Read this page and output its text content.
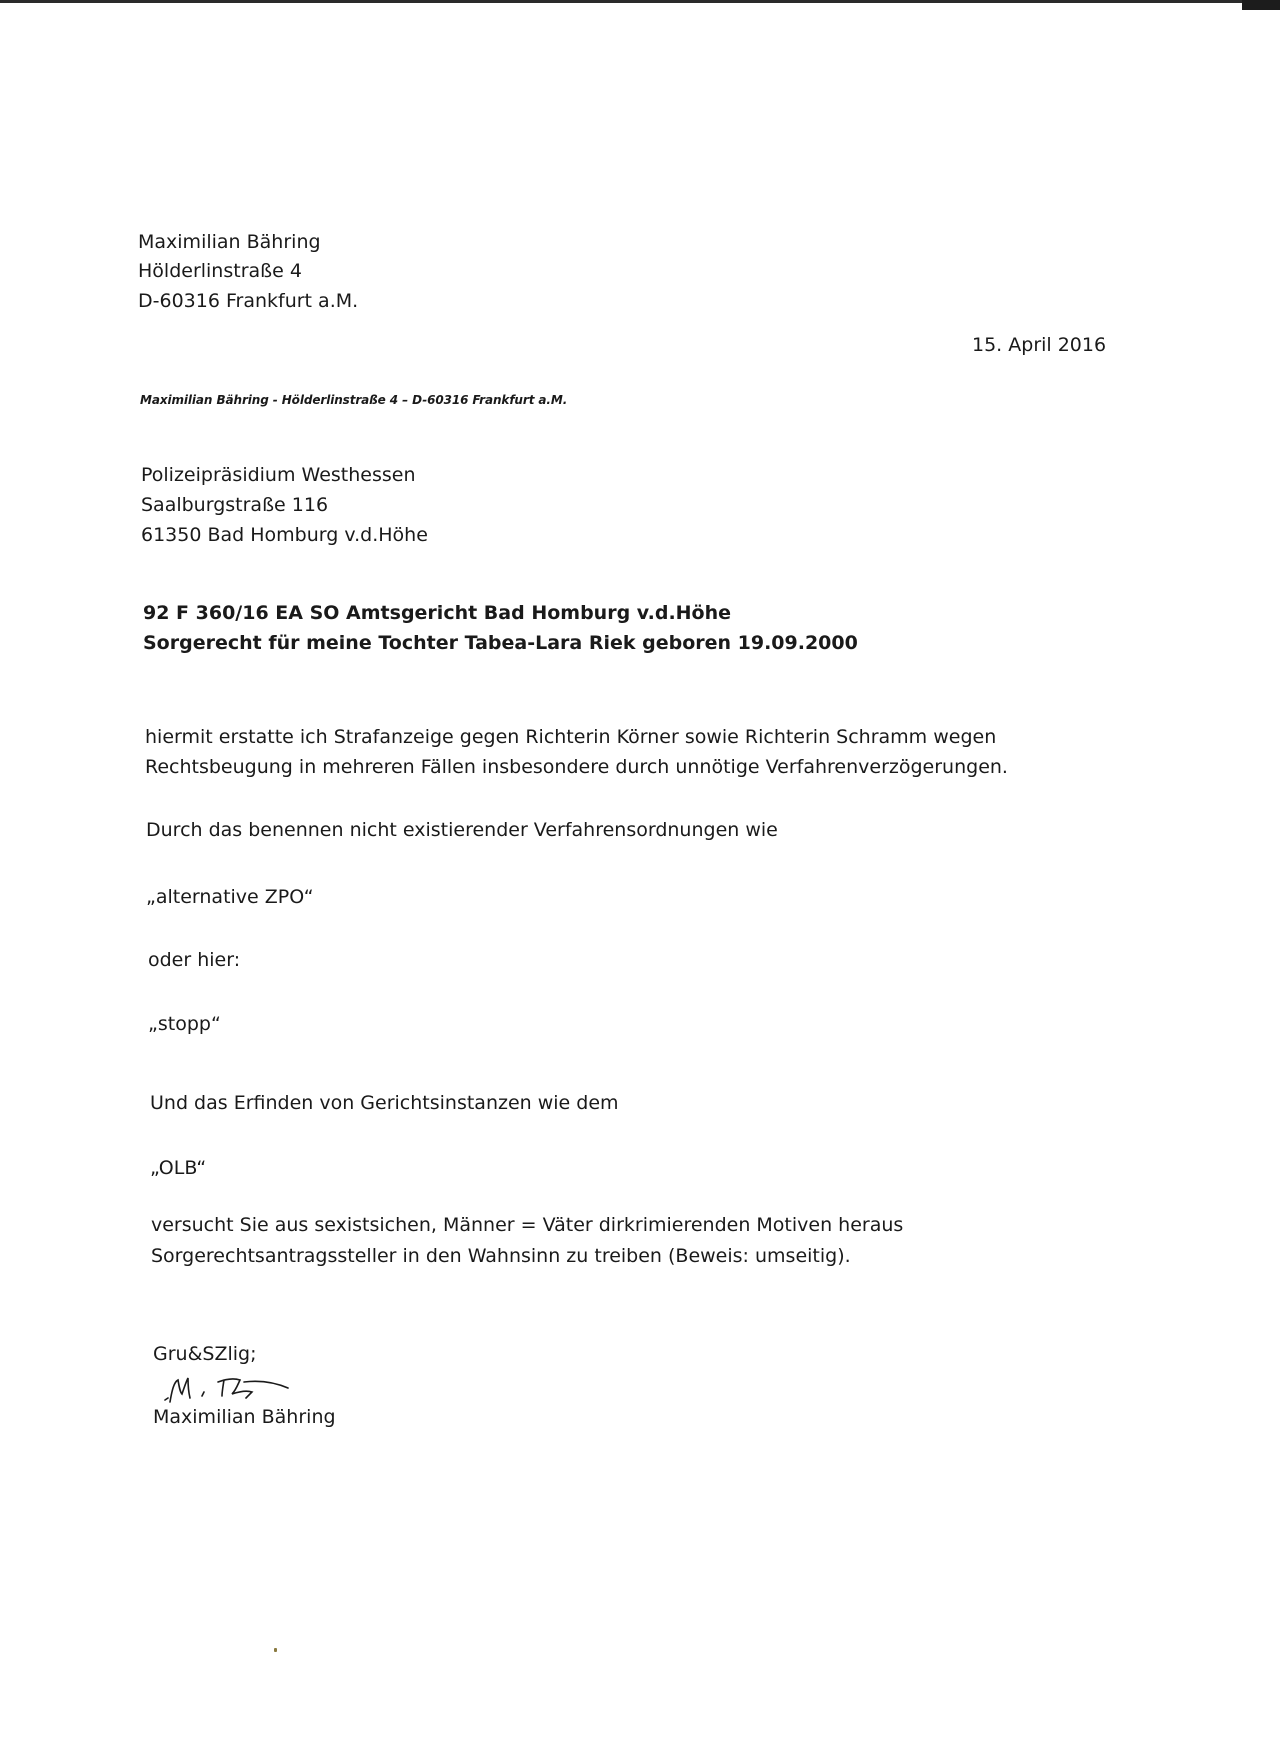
Maximilian Bähring
Hölderlinstraße 4
D-60316 Frankfurt a.M.
15. April 2016
Maximilian Bähring - Hölderlinstraße 4 – D-60316 Frankfurt a.M.
Polizeipräsidium Westhessen
Saalburgstraße 116
61350 Bad Homburg v.d.Höhe
92 F 360/16 EA SO Amtsgericht Bad Homburg v.d.Höhe
Sorgerecht für meine Tochter Tabea-Lara Riek geboren 19.09.2000
hiermit erstatte ich Strafanzeige gegen Richterin Körner sowie Richterin Schramm wegen
Rechtsbeugung in mehreren Fällen insbesondere durch unnötige Verfahrenverzögerungen.
Durch das benennen nicht existierender Verfahrensordnungen wie
„alternative ZPO“
oder hier:
„stopp“
Und das Erfinden von Gerichtsinstanzen wie dem
„OLB“
versucht Sie aus sexistsichen, Männer = Väter dirkrimierenden Motiven heraus
Sorgerechtsantragssteller in den Wahnsinn zu treiben (Beweis: umseitig).
Gru&SZlig;
Maximilian Bähring
